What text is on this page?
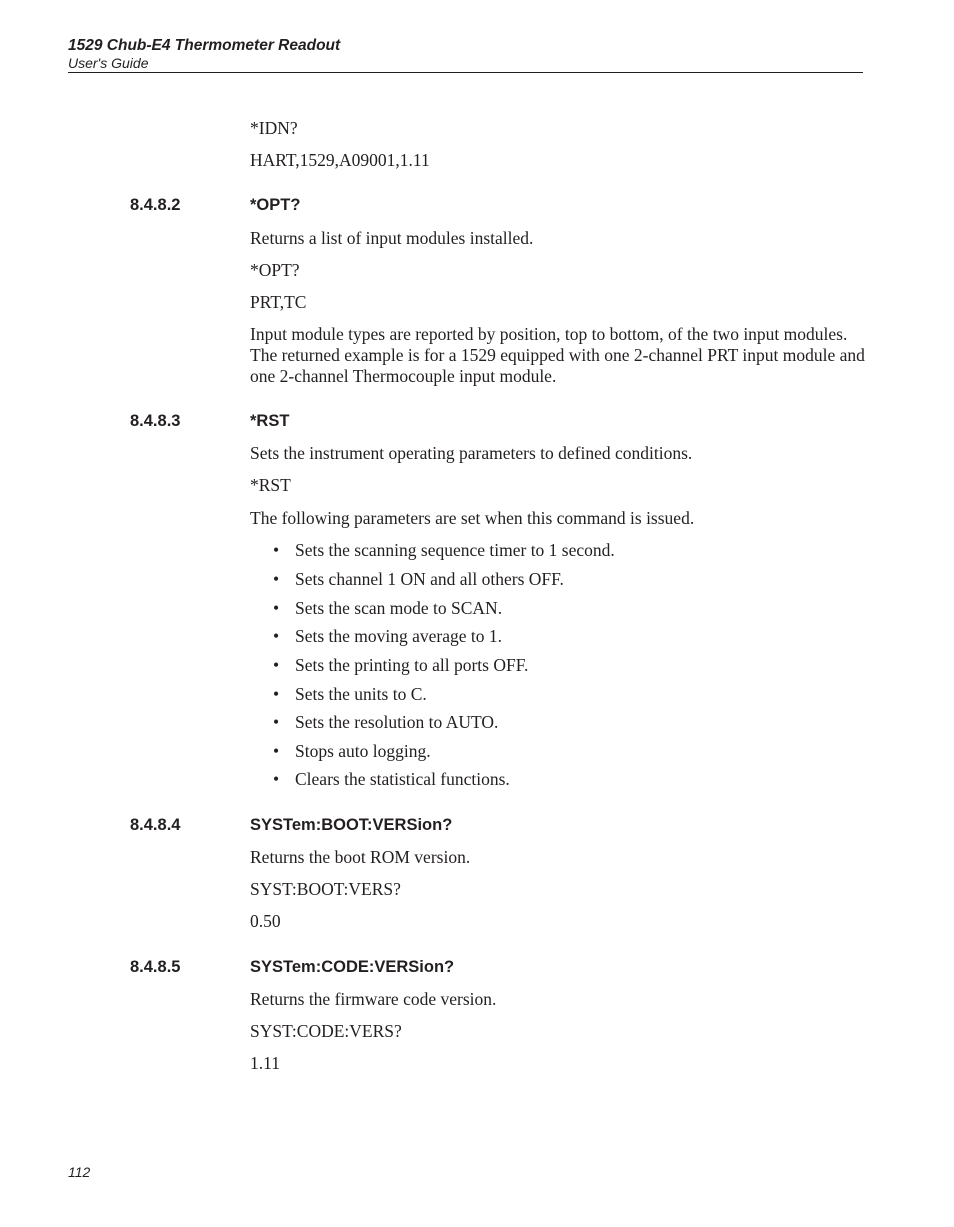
1529 Chub-E4 Thermometer Readout
User's Guide

*IDN?

HART,1529,A09001,1.11

8.4.8.2	*OPT?

Returns a list of input modules installed.

*OPT?

PRT,TC

Input module types are reported by position, top to bottom, of the two input modules. The returned example is for a 1529 equipped with one 2-channel PRT input module and one 2-channel Thermocouple input module.

8.4.8.3	*RST

Sets the instrument operating parameters to defined conditions.

*RST

The following parameters are set when this command is issued.

• Sets the scanning sequence timer to 1 second.
• Sets channel 1 ON and all others OFF.
• Sets the scan mode to SCAN.
• Sets the moving average to 1.
• Sets the printing to all ports OFF.
• Sets the units to C.
• Sets the resolution to AUTO.
• Stops auto logging.
• Clears the statistical functions.
8.4.8.4	SYSTem:BOOT:VERSion?

Returns the boot ROM version.

SYST:BOOT:VERS?

0.50

8.4.8.5	SYSTem:CODE:VERSion?

Returns the firmware code version.

SYST:CODE:VERS?

1.11

112
